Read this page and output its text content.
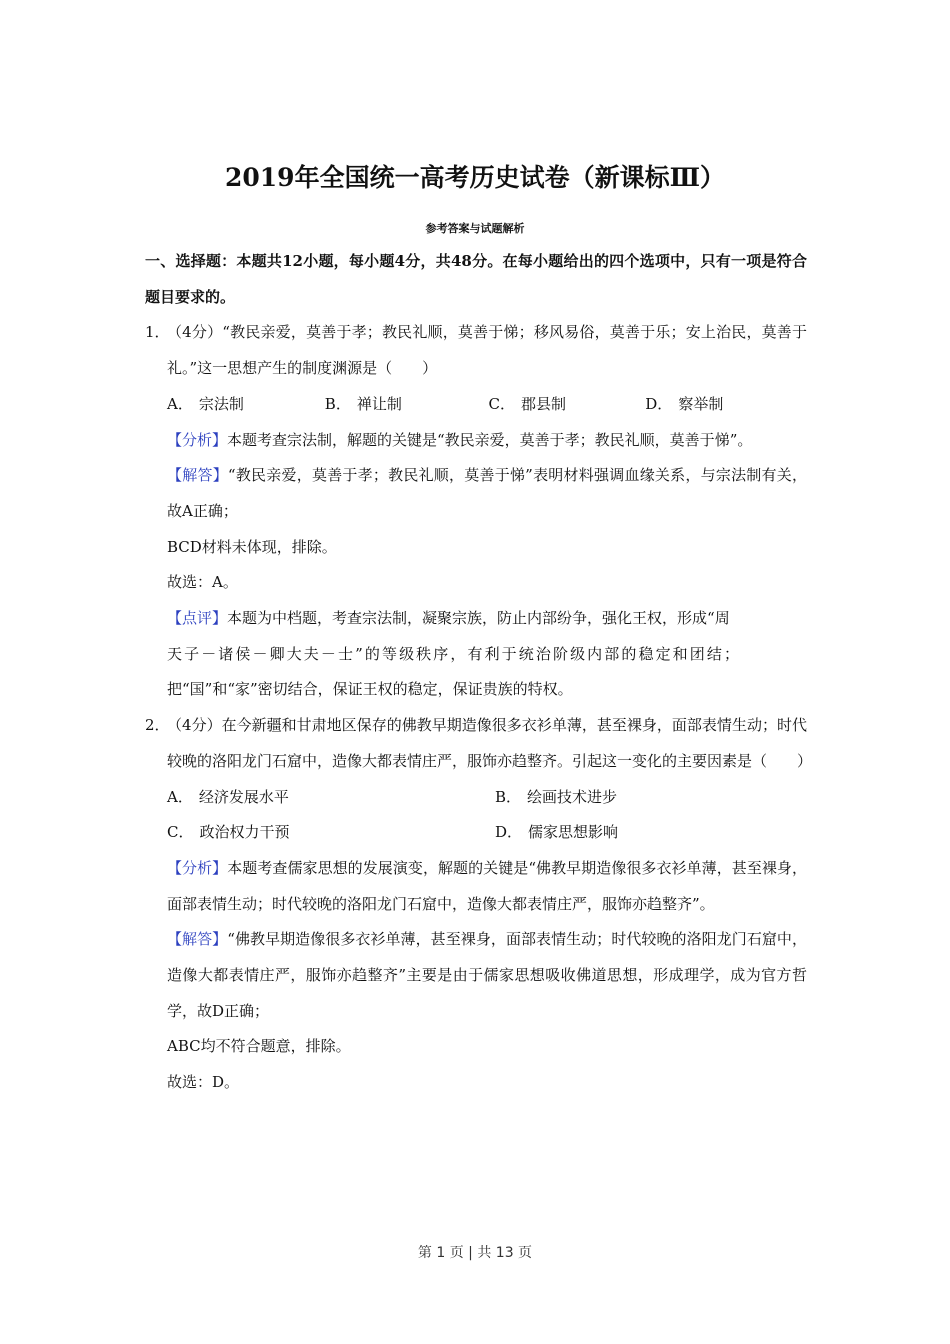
2019年全国统一高考历史试卷（新课标Ⅲ）
参考答案与试题解析
一、选择题：本题共12小题，每小题4分，共48分。在每小题给出的四个选项中，只有一项是符合题目要求的。
1．
（4分）“教民亲爱，莫善于孝；教民礼顺，莫善于悌；移风易俗，莫善于乐；安上治民，莫善于礼。”这一思想产生的制度渊源是（　　）
A． 宗法制	B． 禅让制	C． 郡县制	D． 察举制
【分析】本题考查宗法制，解题的关键是“教民亲爱，莫善于孝；教民礼顺，莫善于悌”。
【解答】“教民亲爱，莫善于孝；教民礼顺，莫善于悌”表明材料强调血缘关系，与宗法制有关，故A正确；
BCD材料未体现，排除。
故选：A。
【点评】本题为中档题，考查宗法制，凝聚宗族，防止内部纷争，强化王权，形成“周
天子－诸侯－卿大夫－士”的等级秩序，有利于统治阶级内部的稳定和团结；
把“国”和“家”密切结合，保证王权的稳定，保证贵族的特权。
2．
（4分）在今新疆和甘肃地区保存的佛教早期造像很多衣衫单薄，甚至裸身，面部表情生动；时代较晚的洛阳龙门石窟中，造像大都表情庄严，服饰亦趋整齐。引起这一变化的主要因素是（　　）
A． 经济发展水平	B． 绘画技术进步
C． 政治权力干预	D． 儒家思想影响
【分析】本题考查儒家思想的发展演变，解题的关键是“佛教早期造像很多衣衫单薄，甚至裸身，面部表情生动；时代较晚的洛阳龙门石窟中，造像大都表情庄严，服饰亦趋整齐”。
【解答】“佛教早期造像很多衣衫单薄，甚至裸身，面部表情生动；时代较晚的洛阳龙门石窟中，造像大都表情庄严，服饰亦趋整齐”主要是由于儒家思想吸收佛道思想，形成理学，成为官方哲学，故D正确；
ABC均不符合题意，排除。
故选：D。
第 1 页 | 共 13 页
